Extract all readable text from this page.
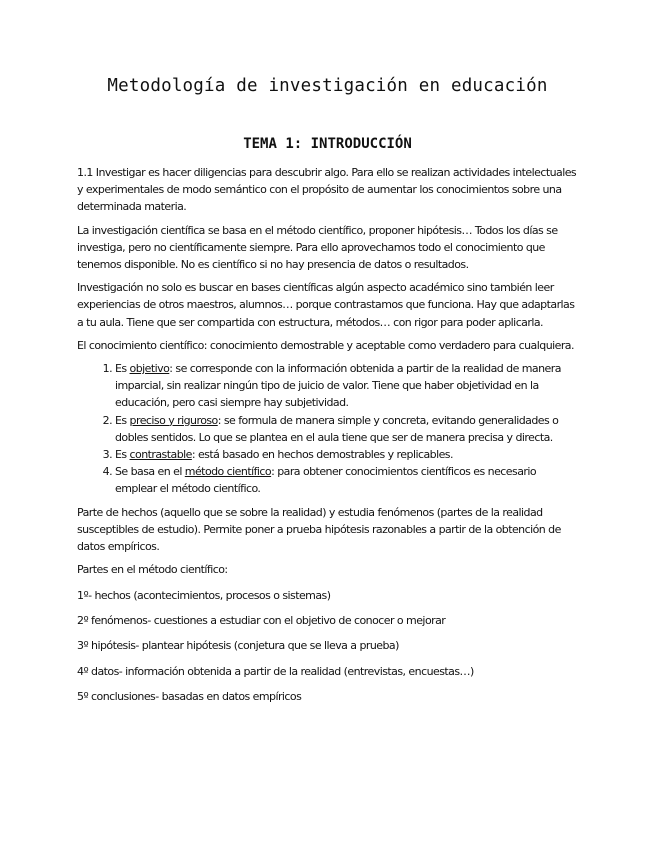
Metodología de investigación en educación
TEMA 1: INTRODUCCIÓN

1.1 Investigar es hacer diligencias para descubrir algo. Para ello se realizan actividades intelectuales y experimentales de modo semántico con el propósito de aumentar los conocimientos sobre una determinada materia.

La investigación científica se basa en el método científico, proponer hipótesis… Todos los días se investiga, pero no científicamente siempre. Para ello aprovechamos todo el conocimiento que tenemos disponible. No es científico si no hay presencia de datos o resultados.

Investigación no solo es buscar en bases científicas algún aspecto académico sino también leer experiencias de otros maestros, alumnos… porque contrastamos que funciona. Hay que adaptarlas a tu aula. Tiene que ser compartida con estructura, métodos… con rigor para poder aplicarla.

El conocimiento científico: conocimiento demostrable y aceptable como verdadero para cualquiera.

1. Es objetivo: se corresponde con la información obtenida a partir de la realidad de manera imparcial, sin realizar ningún tipo de juicio de valor. Tiene que haber objetividad en la educación, pero casi siempre hay subjetividad.
2. Es preciso y riguroso: se formula de manera simple y concreta, evitando generalidades o dobles sentidos. Lo que se plantea en el aula tiene que ser de manera precisa y directa.
3. Es contrastable: está basado en hechos demostrables y replicables.
4. Se basa en el método científico: para obtener conocimientos científicos es necesario emplear el método científico.

Parte de hechos (aquello que se sobre la realidad) y estudia fenómenos (partes de la realidad susceptibles de estudio). Permite poner a prueba hipótesis razonables a partir de la obtención de datos empíricos.

Partes en el método científico:

1º- hechos (acontecimientos, procesos o sistemas)

2º fenómenos- cuestiones a estudiar con el objetivo de conocer o mejorar

3º hipótesis- plantear hipótesis (conjetura que se lleva a prueba)

4º datos- información obtenida a partir de la realidad (entrevistas, encuestas…)

5º conclusiones- basadas en datos empíricos
